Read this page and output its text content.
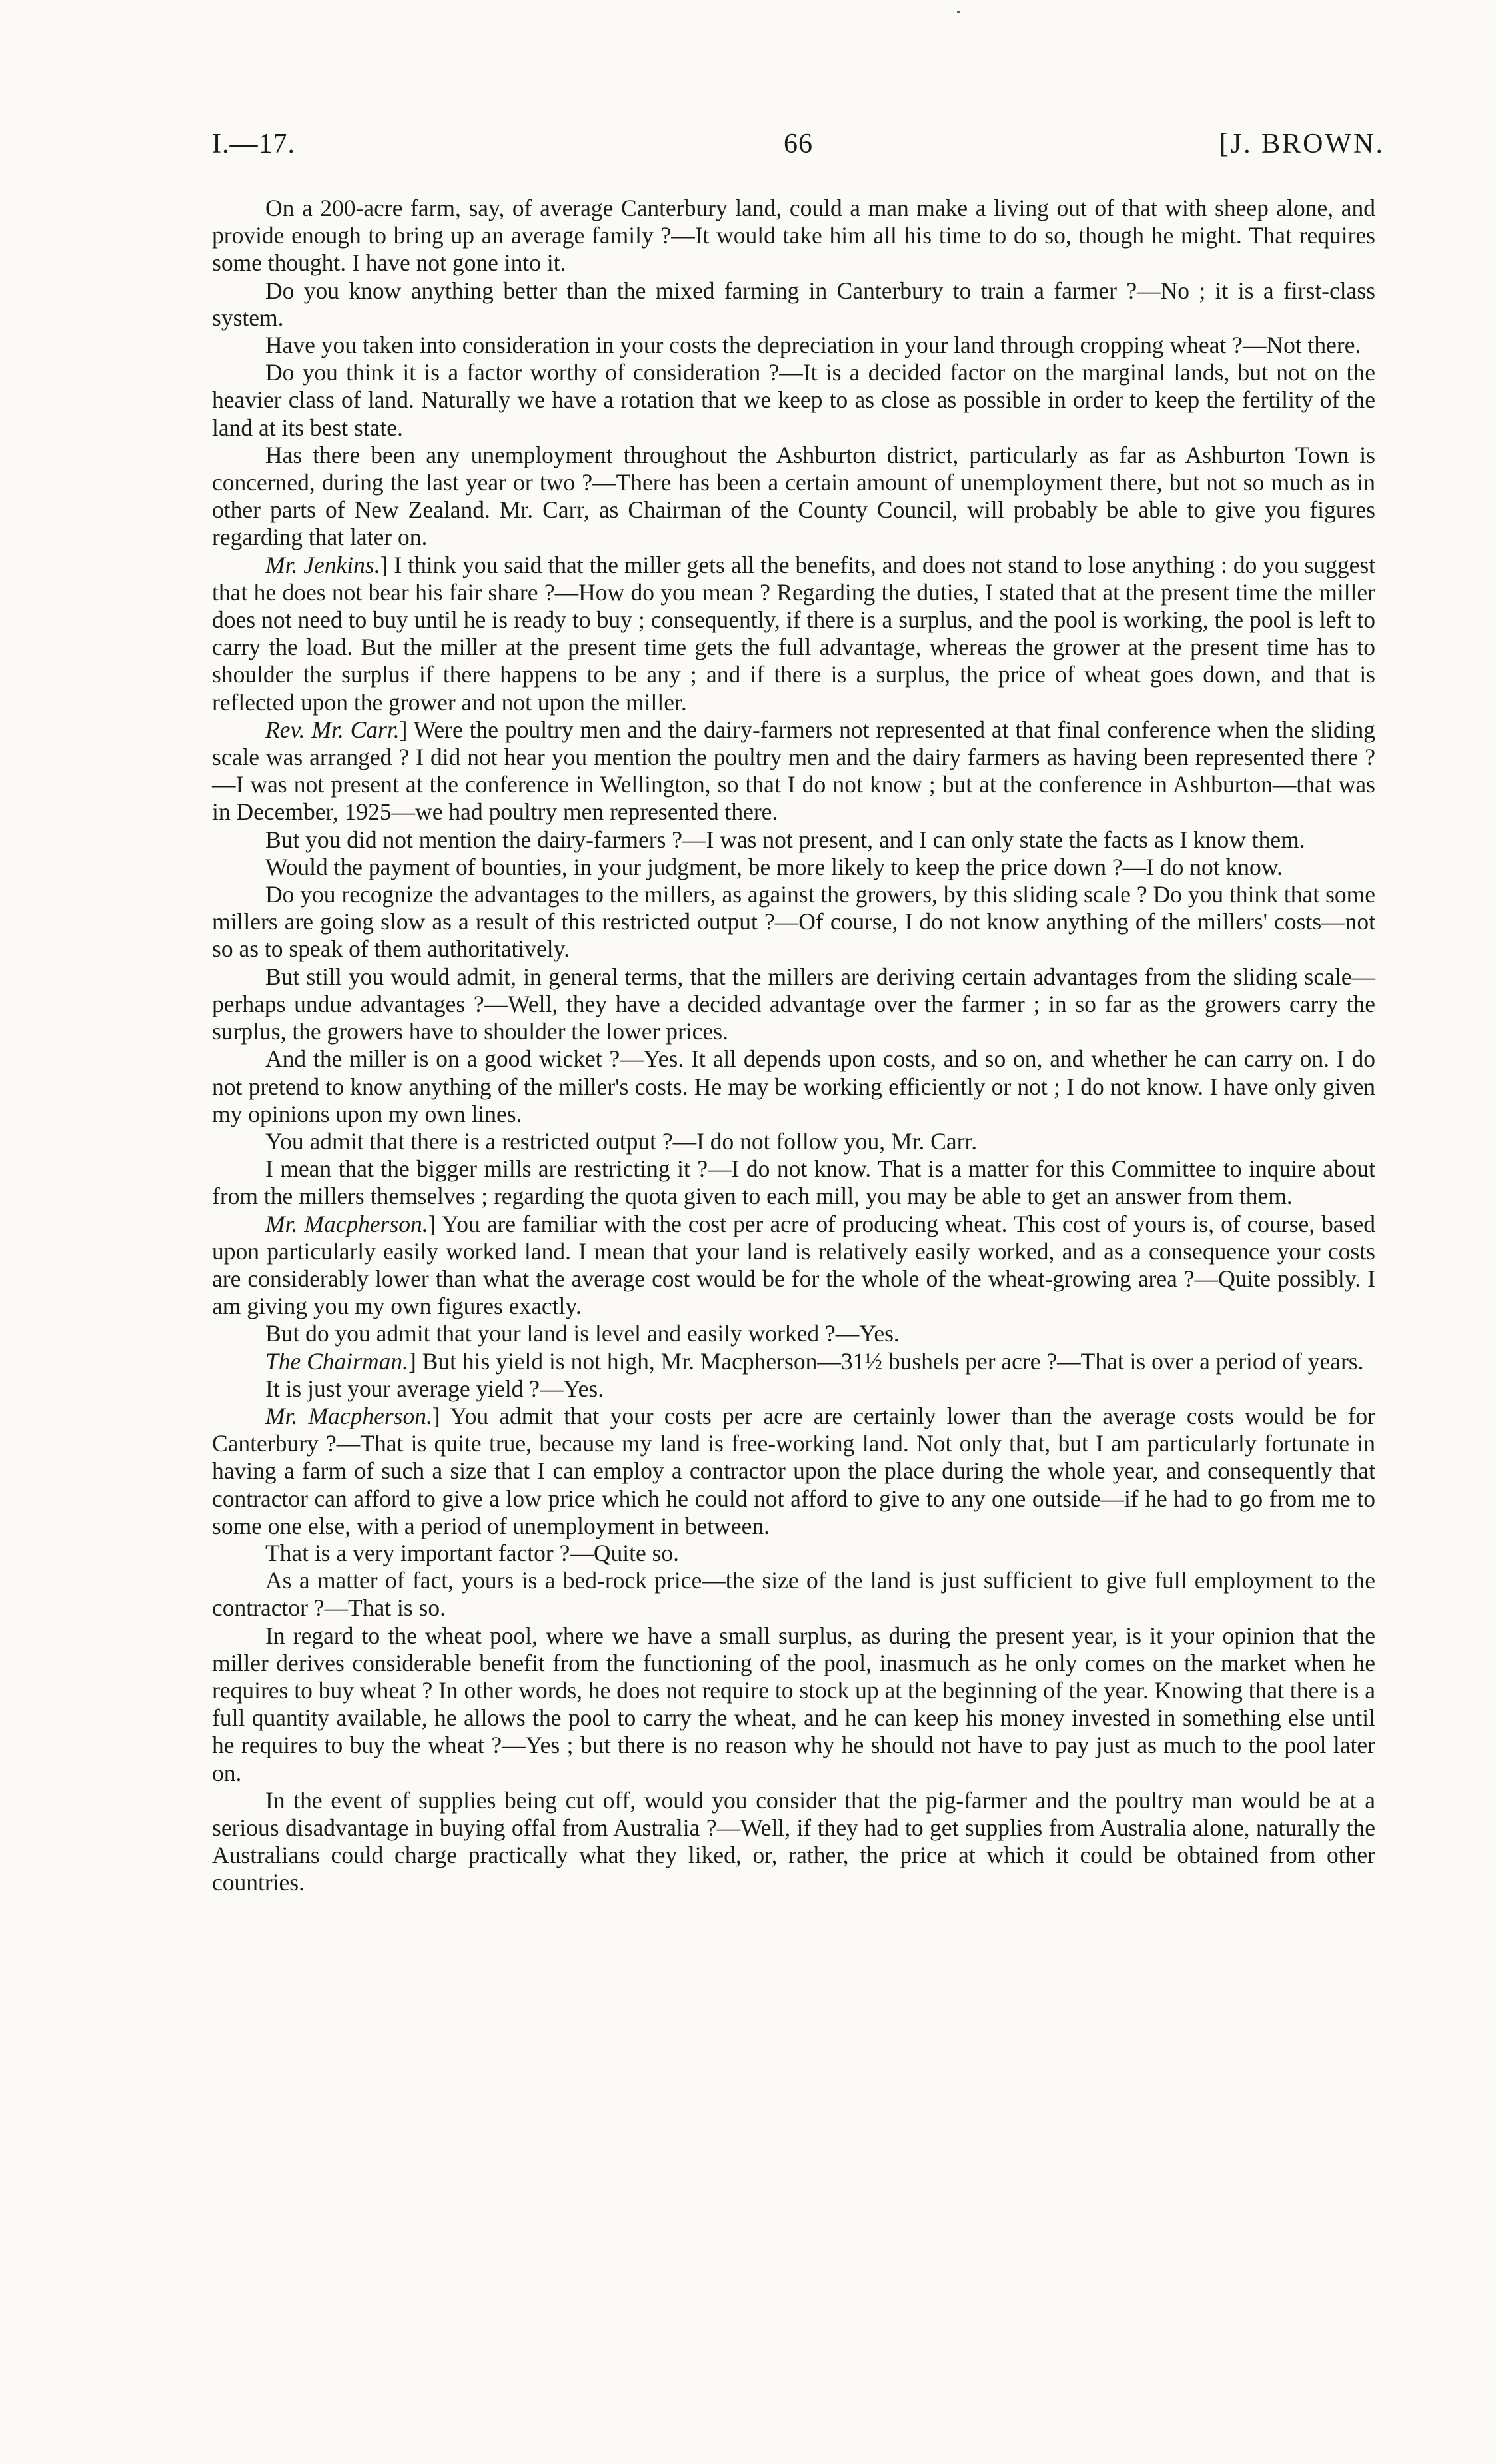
I.—17.	66	[J. BROWN.

On a 200-acre farm, say, of average Canterbury land, could a man make a living out of that with sheep alone, and provide enough to bring up an average family ?—It would take him all his time to do so, though he might. That requires some thought. I have not gone into it.

Do you know anything better than the mixed farming in Canterbury to train a farmer ?—No ; it is a first-class system.

Have you taken into consideration in your costs the depreciation in your land through cropping wheat ?—Not there.

Do you think it is a factor worthy of consideration ?—It is a decided factor on the marginal lands, but not on the heavier class of land. Naturally we have a rotation that we keep to as close as possible in order to keep the fertility of the land at its best state.

Has there been any unemployment throughout the Ashburton district, particularly as far as Ashburton Town is concerned, during the last year or two ?—There has been a certain amount of unemployment there, but not so much as in other parts of New Zealand. Mr. Carr, as Chairman of the County Council, will probably be able to give you figures regarding that later on.

Mr. Jenkins.] I think you said that the miller gets all the benefits, and does not stand to lose anything : do you suggest that he does not bear his fair share ?—How do you mean ? Regarding the duties, I stated that at the present time the miller does not need to buy until he is ready to buy ; consequently, if there is a surplus, and the pool is working, the pool is left to carry the load. But the miller at the present time gets the full advantage, whereas the grower at the present time has to shoulder the surplus if there happens to be any ; and if there is a surplus, the price of wheat goes down, and that is reflected upon the grower and not upon the miller.

Rev. Mr. Carr.] Were the poultry men and the dairy-farmers not represented at that final conference when the sliding scale was arranged ? I did not hear you mention the poultry men and the dairy farmers as having been represented there ?—I was not present at the conference in Wellington, so that I do not know ; but at the conference in Ashburton—that was in December, 1925—we had poultry men represented there.

But you did not mention the dairy-farmers ?—I was not present, and I can only state the facts as I know them.

Would the payment of bounties, in your judgment, be more likely to keep the price down ?—I do not know.

Do you recognize the advantages to the millers, as against the growers, by this sliding scale ? Do you think that some millers are going slow as a result of this restricted output ?—Of course, I do not know anything of the millers' costs—not so as to speak of them authoritatively.

But still you would admit, in general terms, that the millers are deriving certain advantages from the sliding scale—perhaps undue advantages ?—Well, they have a decided advantage over the farmer ; in so far as the growers carry the surplus, the growers have to shoulder the lower prices.

And the miller is on a good wicket ?—Yes. It all depends upon costs, and so on, and whether he can carry on. I do not pretend to know anything of the miller's costs. He may be working efficiently or not ; I do not know. I have only given my opinions upon my own lines.

You admit that there is a restricted output ?—I do not follow you, Mr. Carr.

I mean that the bigger mills are restricting it ?—I do not know. That is a matter for this Committee to inquire about from the millers themselves ; regarding the quota given to each mill, you may be able to get an answer from them.

Mr. Macpherson.] You are familiar with the cost per acre of producing wheat. This cost of yours is, of course, based upon particularly easily worked land. I mean that your land is relatively easily worked, and as a consequence your costs are considerably lower than what the average cost would be for the whole of the wheat-growing area ?—Quite possibly. I am giving you my own figures exactly.

But do you admit that your land is level and easily worked ?—Yes.

The Chairman.] But his yield is not high, Mr. Macpherson—31½ bushels per acre ?—That is over a period of years.

It is just your average yield ?—Yes.

Mr. Macpherson.] You admit that your costs per acre are certainly lower than the average costs would be for Canterbury ?—That is quite true, because my land is free-working land. Not only that, but I am particularly fortunate in having a farm of such a size that I can employ a contractor upon the place during the whole year, and consequently that contractor can afford to give a low price which he could not afford to give to any one outside—if he had to go from me to some one else, with a period of unemployment in between.

That is a very important factor ?—Quite so.

As a matter of fact, yours is a bed-rock price—the size of the land is just sufficient to give full employment to the contractor ?—That is so.

In regard to the wheat pool, where we have a small surplus, as during the present year, is it your opinion that the miller derives considerable benefit from the functioning of the pool, inasmuch as he only comes on the market when he requires to buy wheat ? In other words, he does not require to stock up at the beginning of the year. Knowing that there is a full quantity available, he allows the pool to carry the wheat, and he can keep his money invested in something else until he requires to buy the wheat ?—Yes ; but there is no reason why he should not have to pay just as much to the pool later on.

In the event of supplies being cut off, would you consider that the pig-farmer and the poultry man would be at a serious disadvantage in buying offal from Australia ?—Well, if they had to get supplies from Australia alone, naturally the Australians could charge practically what they liked, or, rather, the price at which it could be obtained from other countries.
